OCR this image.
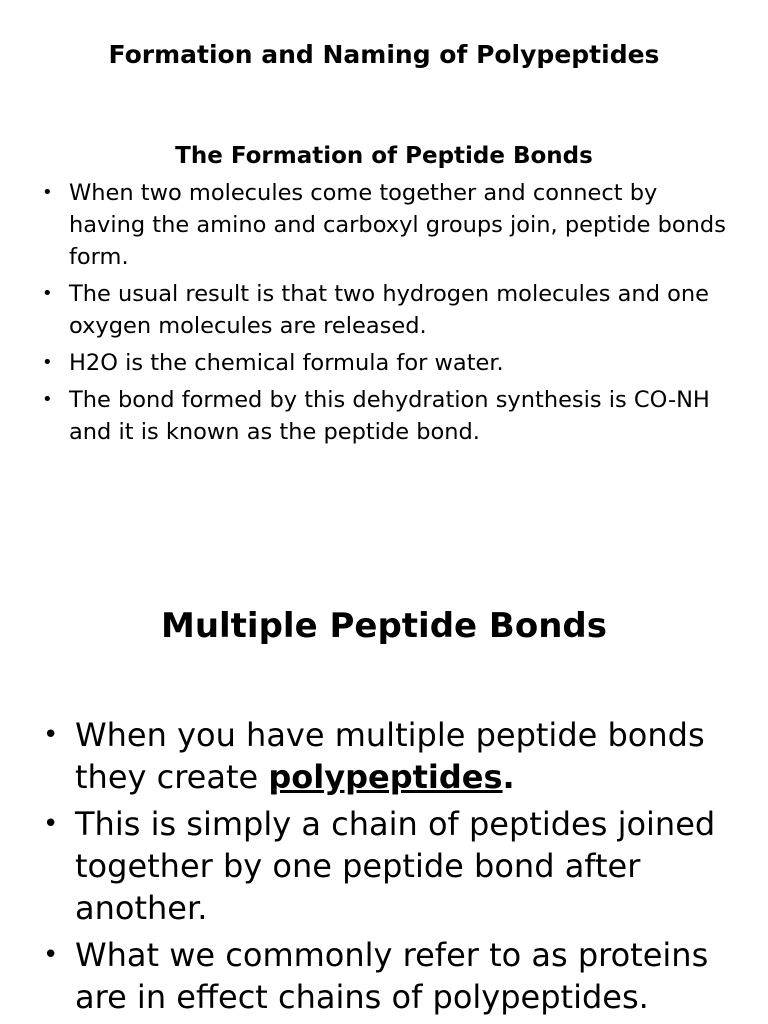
Formation and Naming of Polypeptides
The Formation of Peptide Bonds
• When two molecules come together and connect by having the amino and carboxyl groups join, peptide bonds form.
• The usual result is that two hydrogen molecules and one oxygen molecules are released.
• H2O is the chemical formula for water.
• The bond formed by this dehydration synthesis is CO-NH and it is known as the peptide bond.
Multiple Peptide Bonds
• When you have multiple peptide bonds they create polypeptides.
• This is simply a chain of peptides joined together by one peptide bond after another.
• What we commonly refer to as proteins are in effect chains of polypeptides.
